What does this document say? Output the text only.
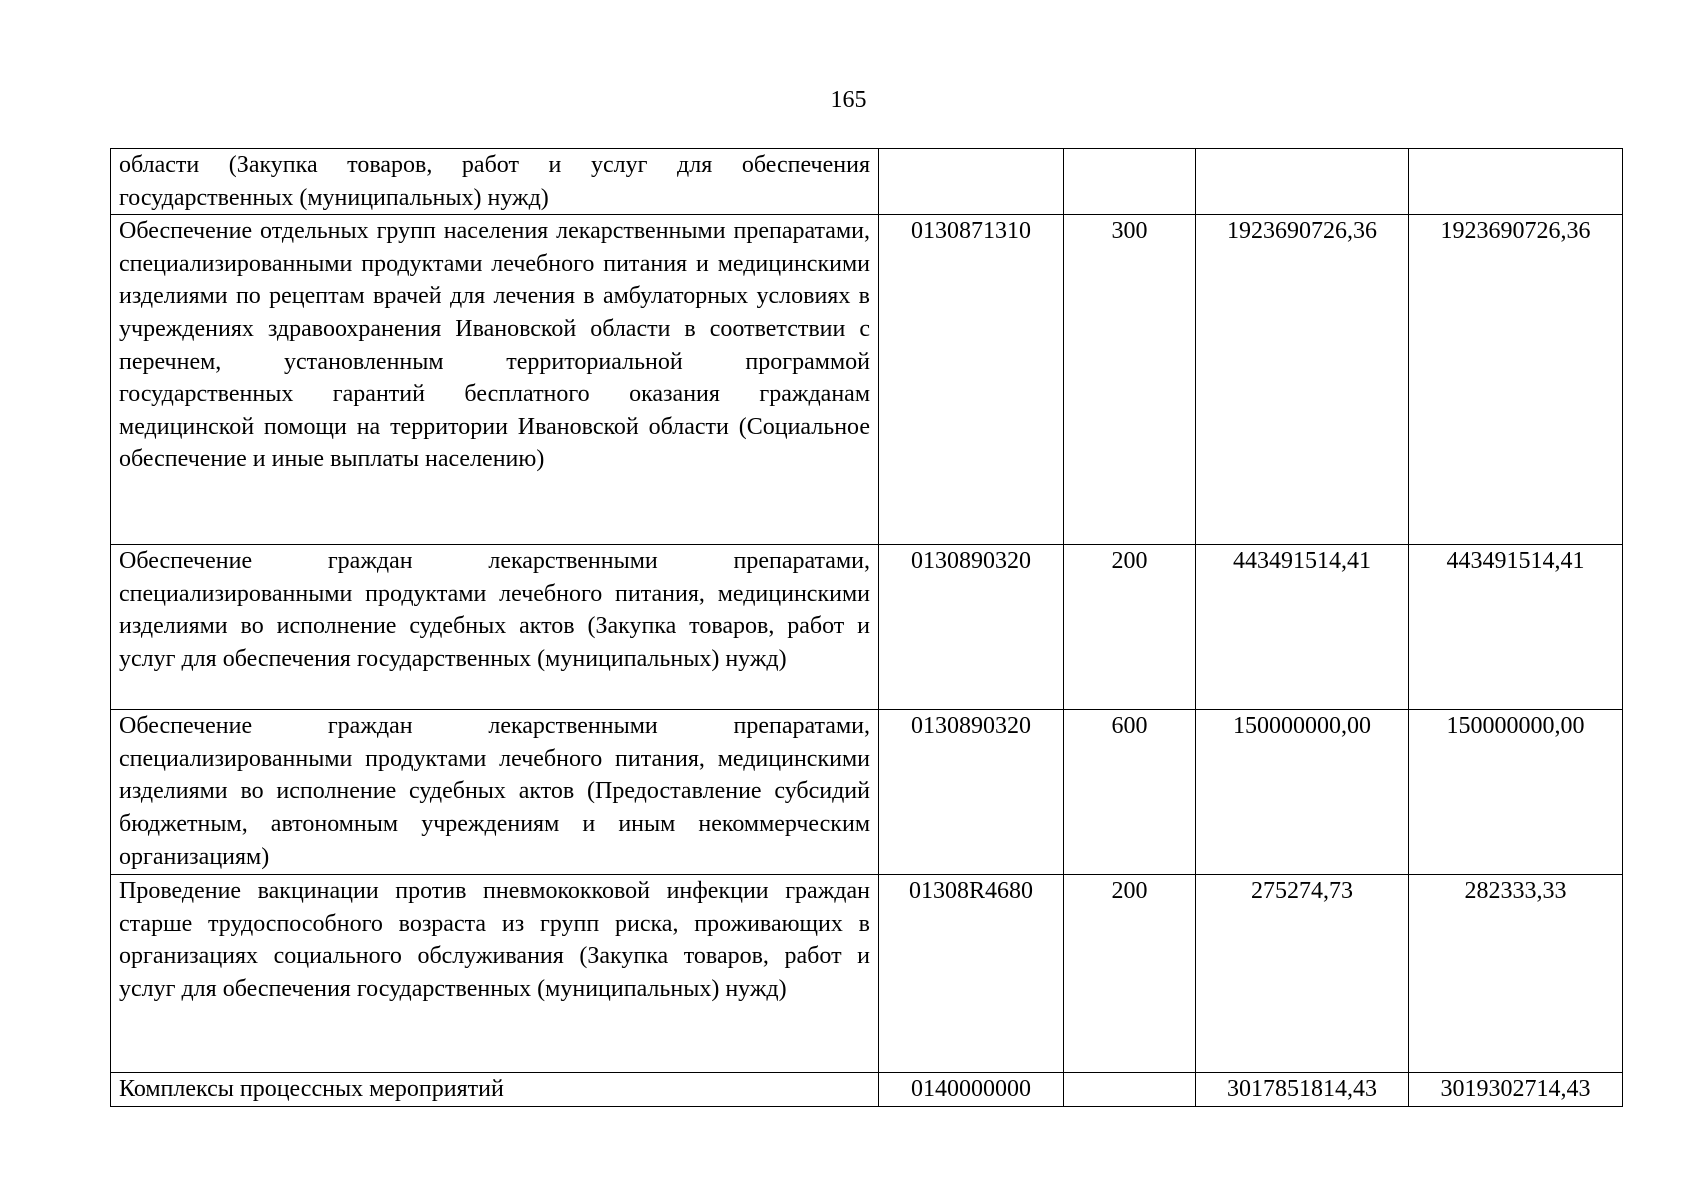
165
области (Закупка товаров, работ и услуг для обеспечения государственных (муниципальных) нужд)				
Обеспечение отдельных групп населения лекарственными препаратами, специализированными продуктами лечебного питания и медицинскими изделиями по рецептам врачей для лечения в амбулаторных условиях в учреждениях здравоохранения Ивановской области в соответствии с перечнем, установленным территориальной программой государственных гарантий бесплатного оказания гражданам медицинской помощи на территории Ивановской области (Социальное обеспечение и иные выплаты населению)	0130871310	300	1923690726,36	1923690726,36
Обеспечение граждан лекарственными препаратами, специализированными продуктами лечебного питания, медицинскими изделиями во исполнение судебных актов (Закупка товаров, работ и услуг для обеспечения государственных (муниципальных) нужд)	0130890320	200	443491514,41	443491514,41
Обеспечение граждан лекарственными препаратами, специализированными продуктами лечебного питания, медицинскими изделиями во исполнение судебных актов (Предоставление субсидий бюджетным, автономным учреждениям и иным некоммерческим организациям)	0130890320	600	150000000,00	150000000,00
Проведение вакцинации против пневмококковой инфекции граждан старше трудоспособного возраста из групп риска, проживающих в организациях социального обслуживания (Закупка товаров, работ и услуг для обеспечения государственных (муниципальных) нужд)	01308R4680	200	275274,73	282333,33
Комплексы процессных мероприятий	0140000000		3017851814,43	3019302714,43
